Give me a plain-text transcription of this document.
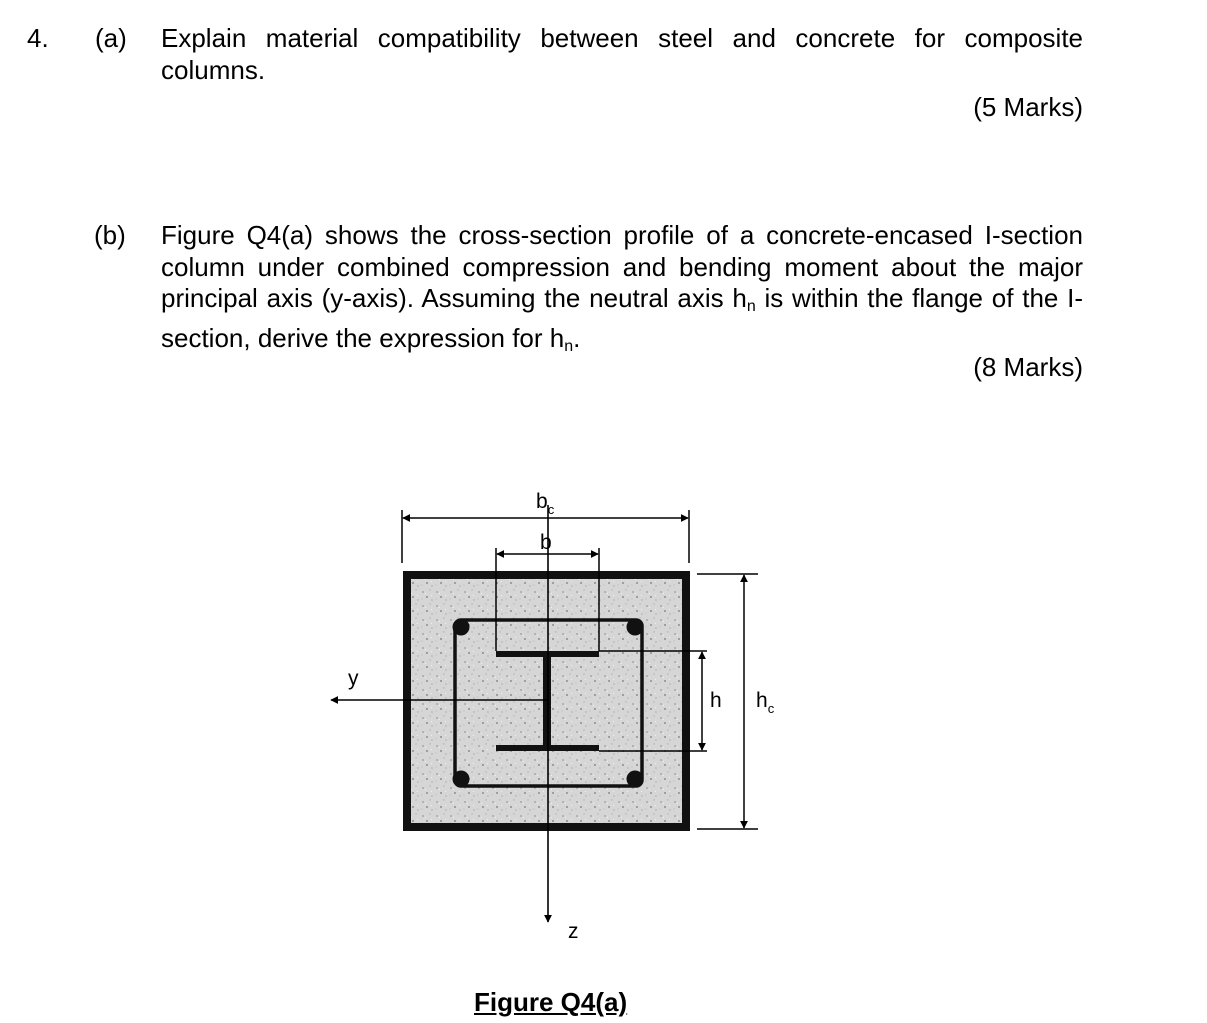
4. (a) Explain material compatibility between steel and concrete for composite columns.
(5 Marks)
(b) Figure Q4(a) shows the cross-section profile of a concrete-encased I-section column under combined compression and bending moment about the major principal axis (y-axis). Assuming the neutral axis $h_n$ is within the flange of the I-section, derive the expression for $h_n$.
(8 Marks)
$b_c$
b
h $h_c$
y
z
Figure Q4(a)
